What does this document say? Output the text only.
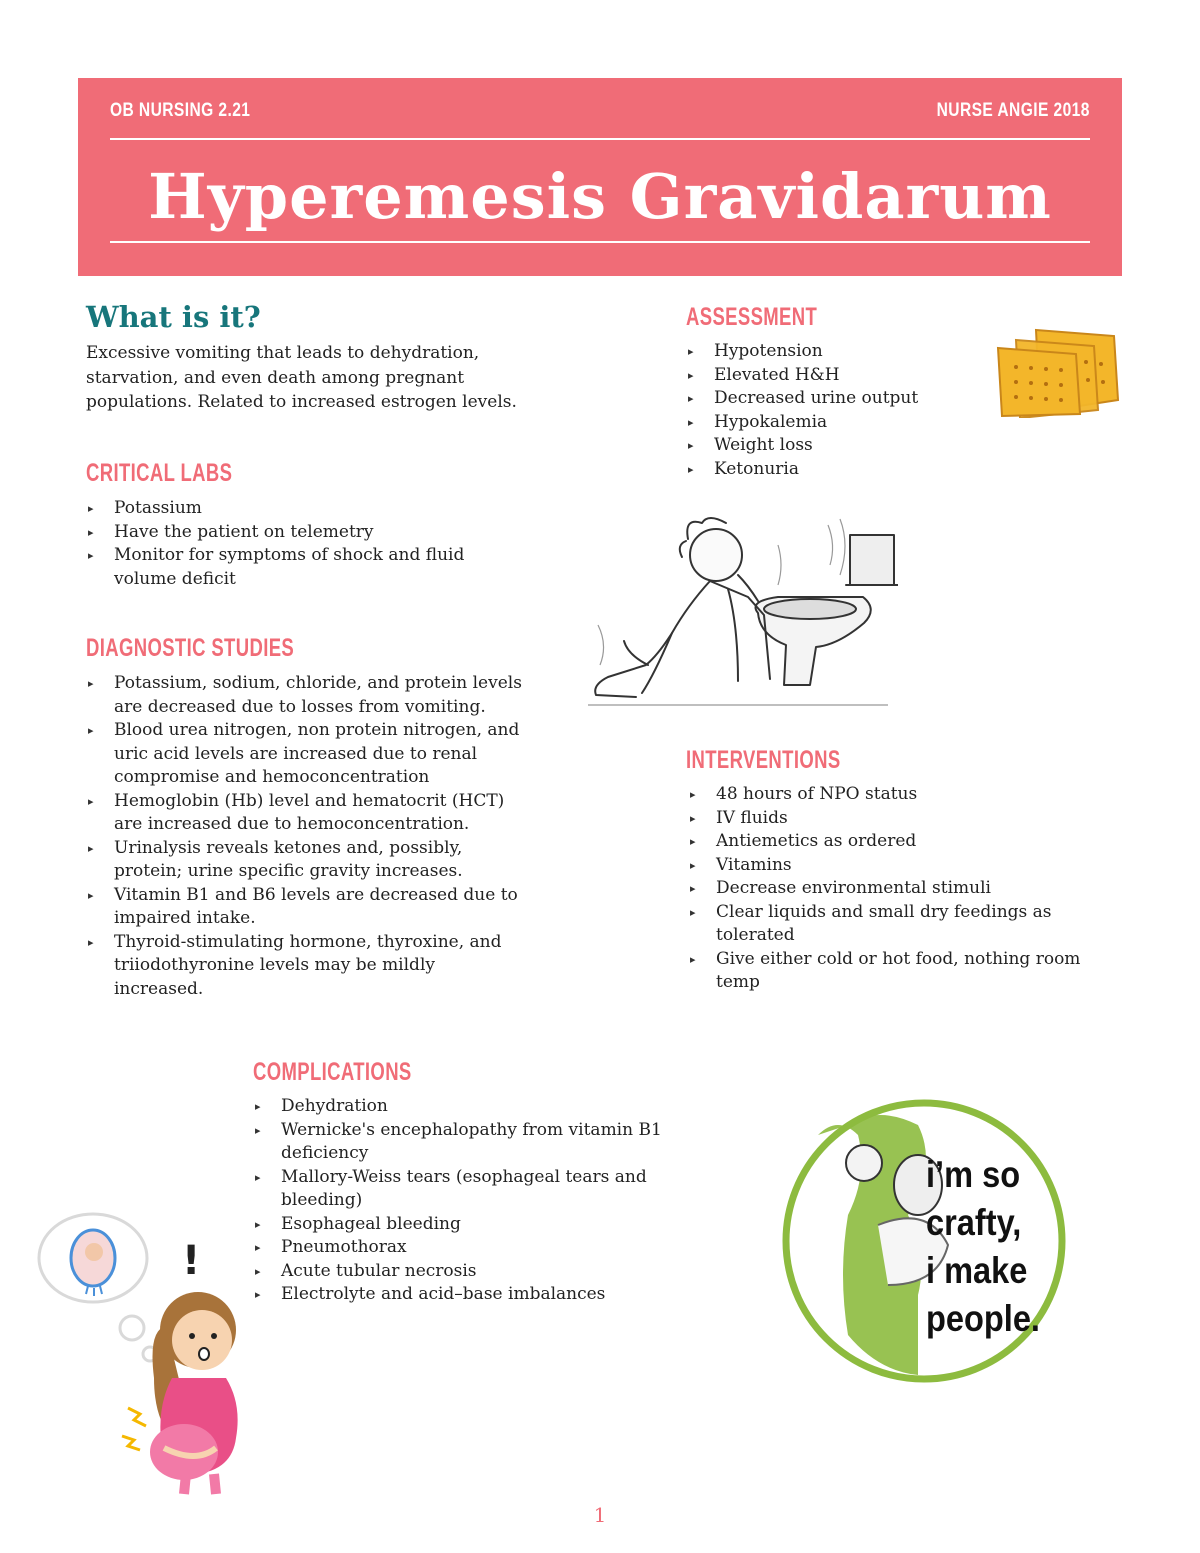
OB NURSING 2.21	NURSE ANGIE 2018
Hyperemesis Gravidarum
What is it?

Excessive vomiting that leads to dehydration, starvation, and even death among pregnant populations. Related to increased estrogen levels.

CRITICAL LABS
▸ Potassium
▸ Have the patient on telemetry
▸ Monitor for symptoms of shock and fluid volume deficit
DIAGNOSTIC STUDIES
▸ Potassium, sodium, chloride, and protein levels are decreased due to losses from vomiting.
▸ Blood urea nitrogen, non protein nitrogen, and uric acid levels are increased due to renal compromise and hemoconcentration
▸ Hemoglobin (Hb) level and hematocrit (HCT) are increased due to hemoconcentration.
▸ Urinalysis reveals ketones and, possibly, protein; urine specific gravity increases.
▸ Vitamin B1 and B6 levels are decreased due to impaired intake.
▸ Thyroid-stimulating hormone, thyroxine, and triiodothyronine levels may be mildly increased.
ASSESSMENT
▸ Hypotension
▸ Elevated H&H
▸ Decreased urine output
▸ Hypokalemia
▸ Weight loss
▸ Ketonuria
INTERVENTIONS
▸ 48 hours of NPO status
▸ IV fluids
▸ Antiemetics as ordered
▸ Vitamins
▸ Decrease environmental stimuli
▸ Clear liquids and small dry feedings as tolerated
▸ Give either cold or hot food, nothing room temp
COMPLICATIONS
▸ Dehydration
▸ Wernicke's encephalopathy from vitamin B1 deficiency
▸ Mallory-Weiss tears (esophageal tears and bleeding)
▸ Esophageal bleeding
▸ Pneumothorax
▸ Acute tubular necrosis
▸ Electrolyte and acid–base imbalances
!
i’m so
crafty,
i make
people.
1
